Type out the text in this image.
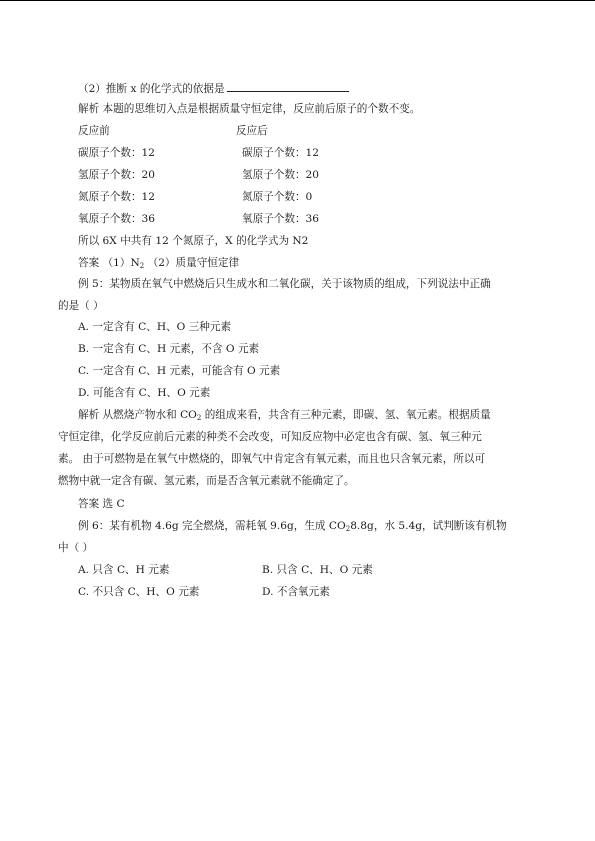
（2）推断 x 的化学式的依据是
解析 本题的思维切入点是根据质量守恒定律，反应前后原子的个数不变。
反应前	反应后
碳原子个数：12	碳原子个数：12
氢原子个数：20	氢原子个数：20
氮原子个数：12	氮原子个数：0
氧原子个数：36	氧原子个数：36
所以 6X 中共有 12 个氮原子，X 的化学式为 N2
答案 $(1)N_2$ （2）质量守恒定律
例 5：某物质在氧气中燃烧后只生成水和二氧化碳，关于该物质的组成，下列说法中正确
的是（ ）
A. 一定含有 C、H、O 三种元素
B. 一定含有 C、H 元素，不含 O 元素
C. 一定含有 C、H 元素，可能含有 O 元素
D. 可能含有 C、H、O 元素
解析 从燃烧产物水和 $CO_2$ 的组成来看，共含有三种元素，即碳、氢、氧元素。根据质量
守恒定律，化学反应前后元素的种类不会改变，可知反应物中必定也含有碳、氢、氧三种元
素。 由于可燃物是在氧气中燃烧的，即氧气中肯定含有氧元素，而且也只含氧元素，所以可
燃物中就一定含有碳、氢元素，而是否含氧元素就不能确定了。
答案 选 C
例 6：某有机物 4.6g 完全燃烧，需耗氧 9.6g，生成 $CO_28.8g$，水 5.4g，试判断该有机物
中（ ）
A. 只含 C、H 元素	B. 只含 C、H、O 元素
C. 不只含 C、H、O 元素	D. 不含氧元素
